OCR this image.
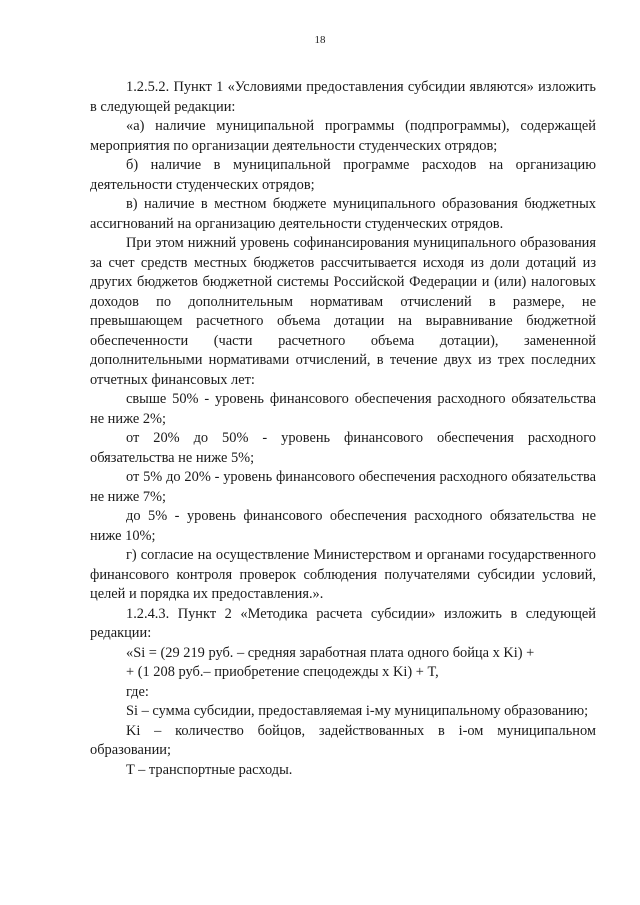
18

1.2.5.2. Пункт 1 «Условиями предоставления субсидии являются» изложить в следующей редакции:

«а) наличие муниципальной программы (подпрограммы), содержащей мероприятия по организации деятельности студенческих отрядов;

б) наличие в муниципальной программе расходов на организацию деятельности студенческих отрядов;

в) наличие в местном бюджете муниципального образования бюджетных ассигнований на организацию деятельности студенческих отрядов.

При этом нижний уровень софинансирования муниципального образования за счет средств местных бюджетов рассчитывается исходя из доли дотаций из других бюджетов бюджетной системы Российской Федерации и (или) налоговых доходов по дополнительным нормативам отчислений в размере, не превышающем расчетного объема дотации на выравнивание бюджетной обеспеченности (части расчетного объема дотации), замененной дополнительными нормативами отчислений, в течение двух из трех последних отчетных финансовых лет:

свыше 50% - уровень финансового обеспечения расходного обязательства не ниже 2%;

от 20% до 50% - уровень финансового обеспечения расходного обязательства не ниже 5%;

от 5% до 20% - уровень финансового обеспечения расходного обязательства не ниже 7%;

до 5% - уровень финансового обеспечения расходного обязательства не ниже 10%;

г) согласие на осуществление Министерством и органами государственного финансового контроля проверок соблюдения получателями субсидии условий, целей и порядка их предоставления.».

1.2.4.3. Пункт 2 «Методика расчета субсидии» изложить в следующей редакции:

«Si = (29 219 руб. – средняя заработная плата одного бойца x Ki) +

+ (1 208 руб.– приобретение спецодежды x Ki) + T,

где:

Si – сумма субсидии, предоставляемая i-му муниципальному образованию;

Ki – количество бойцов, задействованных в i-ом муниципальном образовании;

T – транспортные расходы.
